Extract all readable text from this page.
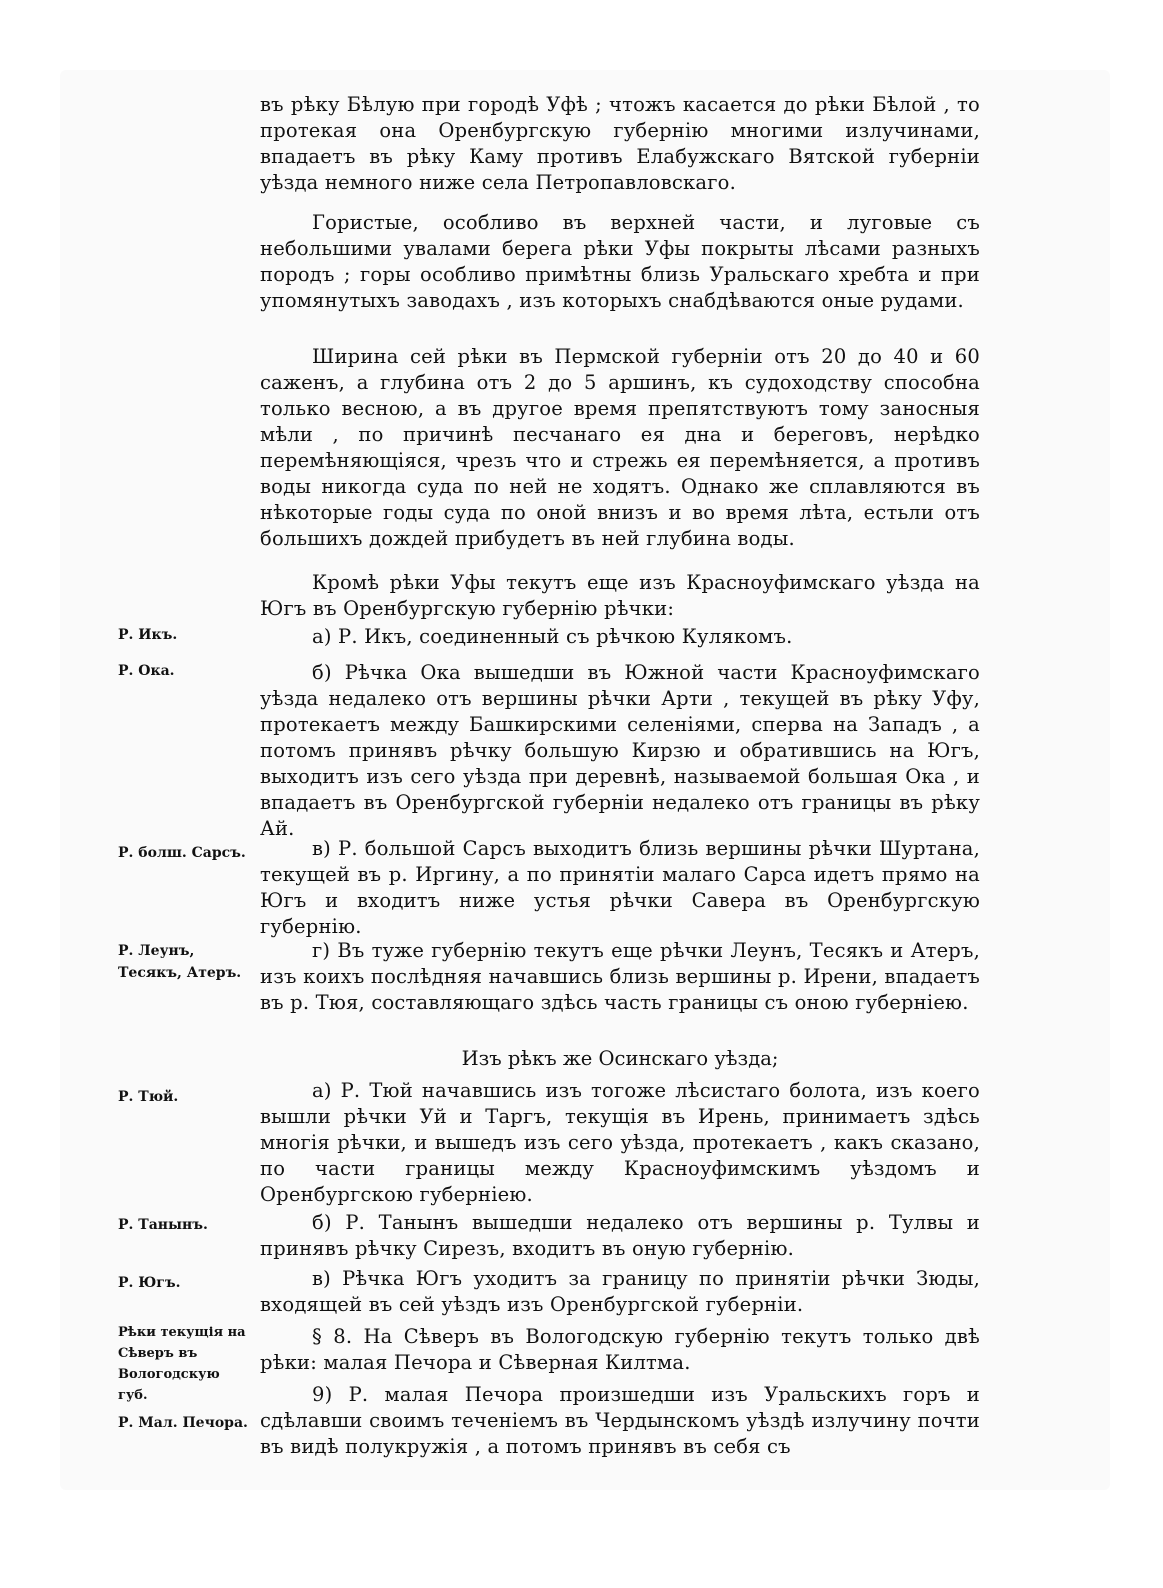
въ рѣку Бѣлую при городѣ Уфѣ ; чтожъ касается до рѣки Бѣлой , то протекая она Оренбургскую губернію многими излучинами, впадаетъ въ рѣку Каму противъ Елабужскаго Вятской губерніи уѣзда немного ниже села Петропавловскаго.

Гористые, особливо въ верхней части, и луговые съ небольшими увалами берега рѣки Уфы покрыты лѣсами разныхъ породъ ; горы особливо примѣтны близь Уральскаго хребта и при упомянутыхъ заводахъ , изъ которыхъ снабдѣваются оные рудами.

Ширина сей рѣки въ Пермской губерніи отъ 20 до 40 и 60 саженъ, а глубина отъ 2 до 5 аршинъ, къ судоходству способна только весною, а въ другое время препятствуютъ тому заносныя мѣли , по причинѣ песчанаго ея дна и береговъ, нерѣдко перемѣняющіяся, чрезъ что и стрежь ея перемѣняется, а противъ воды никогда суда по ней не ходятъ. Однако же сплавляются въ нѣкоторые годы суда по оной внизъ и во время лѣта, естьли отъ большихъ дождей прибудетъ въ ней глубина воды.

Кромѣ рѣки Уфы текутъ еще изъ Красноуфимскаго уѣзда на Югъ въ Оренбургскую губернію рѣчки:

Р. Икъ.	а) Р. Икъ, соединенный съ рѣчкою Кулякомъ.

Р. Ока.	б) Рѣчка Ока вышедши въ Южной части Красноуфимскаго уѣзда недалеко отъ вершины рѣчки Арти , текущей въ рѣку Уфу, протекаетъ между Башкирскими селеніями, сперва на Западъ , а потомъ принявъ рѣчку большую Кирзю и обратившись на Югъ, выходитъ изъ сего уѣзда при деревнѣ, называемой большая Ока , и впадаетъ въ Оренбургской губерніи недалеко отъ границы въ рѣку Ай.

Р. болш. Сарсъ.	в) Р. большой Сарсъ выходитъ близь вершины рѣчки Шуртана, текущей въ р. Иргину, а по принятіи малаго Сарса идетъ прямо на Югъ и входитъ ниже устья рѣчки Савера въ Оренбургскую губернію.

Р. Леунъ, Тесякъ, Атеръ.

г) Въ туже губернію текутъ еще рѣчки Леунъ, Тесякъ и Атеръ, изъ коихъ послѣдняя начавшись близь вершины р. Ирени, впадаетъ въ р. Тюя, составляющаго здѣсь часть границы съ оною губерніею.

Изъ рѣкъ же Осинскаго уѣзда;
Р. Тюй.	а) Р. Тюй начавшись изъ тогоже лѣсистаго болота, изъ коего вышли рѣчки Уй и Таргъ, текущія въ Ирень, принимаетъ здѣсь многія рѣчки, и вышедъ изъ сего уѣзда, протекаетъ , какъ сказано, по части границы между Красноуфимскимъ уѣздомъ и Оренбургскою губерніею.

Р. Танынъ.	б) Р. Танынъ вышедши недалеко отъ вершины р. Тулвы и принявъ рѣчку Сирезъ, входитъ въ оную губернію.

Р. Югъ.	в) Рѣчка Югъ уходитъ за границу по принятіи рѣчки Зюды, входящей въ сей уѣздъ изъ Оренбургской губерніи.

Рѣки текущія на Сѣверъ въ Вологодскую губ.

§ 8. На Сѣверъ въ Вологодскую губернію текутъ только двѣ рѣки: малая Печора и Сѣверная Килтма.

Р. Мал. Печора.

9) Р. малая Печора произшедши изъ Уральскихъ горъ и сдѣлавши своимъ теченіемъ въ Чердынскомъ уѣздѣ излучину почти въ видѣ полукружія , а потомъ принявъ въ себя съ
